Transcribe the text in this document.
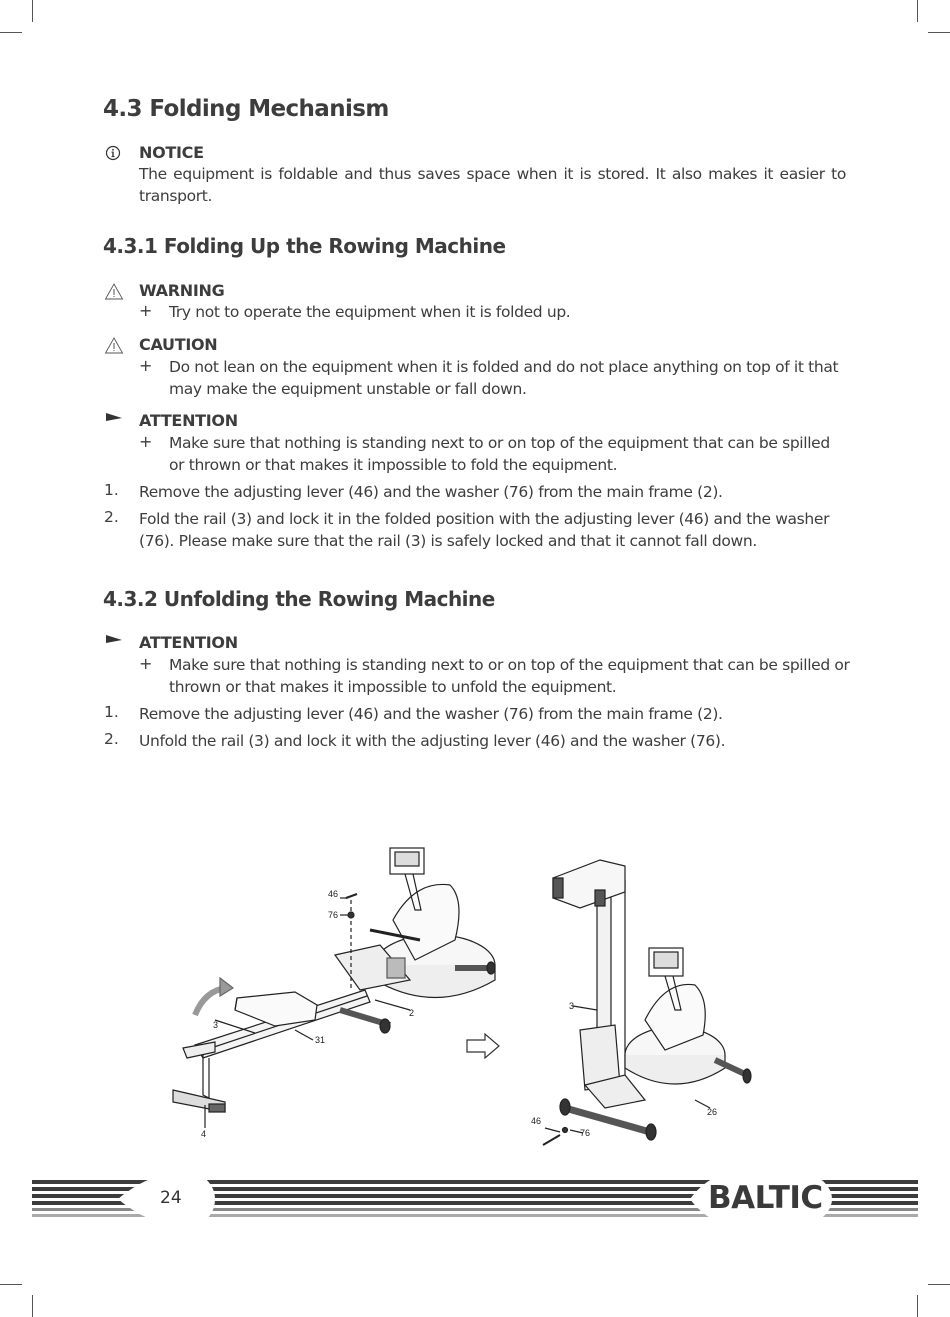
4.3 Folding Mechanism
NOTICE
The equipment is foldable and thus saves space when it is stored. It also makes it easier to transport.
4.3.1 Folding Up the Rowing Machine
WARNING
+ Try not to operate the equipment when it is folded up.
CAUTION
+ Do not lean on the equipment when it is folded and do not place anything on top of it that may make the equipment unstable or fall down.
ATTENTION
+ Make sure that nothing is standing next to or on top of the equipment that can be spilled or thrown or that makes it impossible to fold the equipment.
1. Remove the adjusting lever (46) and the washer (76) from the main frame (2).
2. Fold the rail (3) and lock it in the folded position with the adjusting lever (46) and the washer (76). Please make sure that the rail (3) is safely locked and that it cannot fall down.
4.3.2 Unfolding the Rowing Machine
ATTENTION
+ Make sure that nothing is standing next to or on top of the equipment that can be spilled or thrown or that makes it impossible to unfold the equipment.
1. Remove the adjusting lever (46) and the washer (76) from the main frame (2).
2. Unfold the rail (3) and lock it with the adjusting lever (46) and the washer (76).
46
76
3
31
2
4
3
46
76
26
24	BALTIC
